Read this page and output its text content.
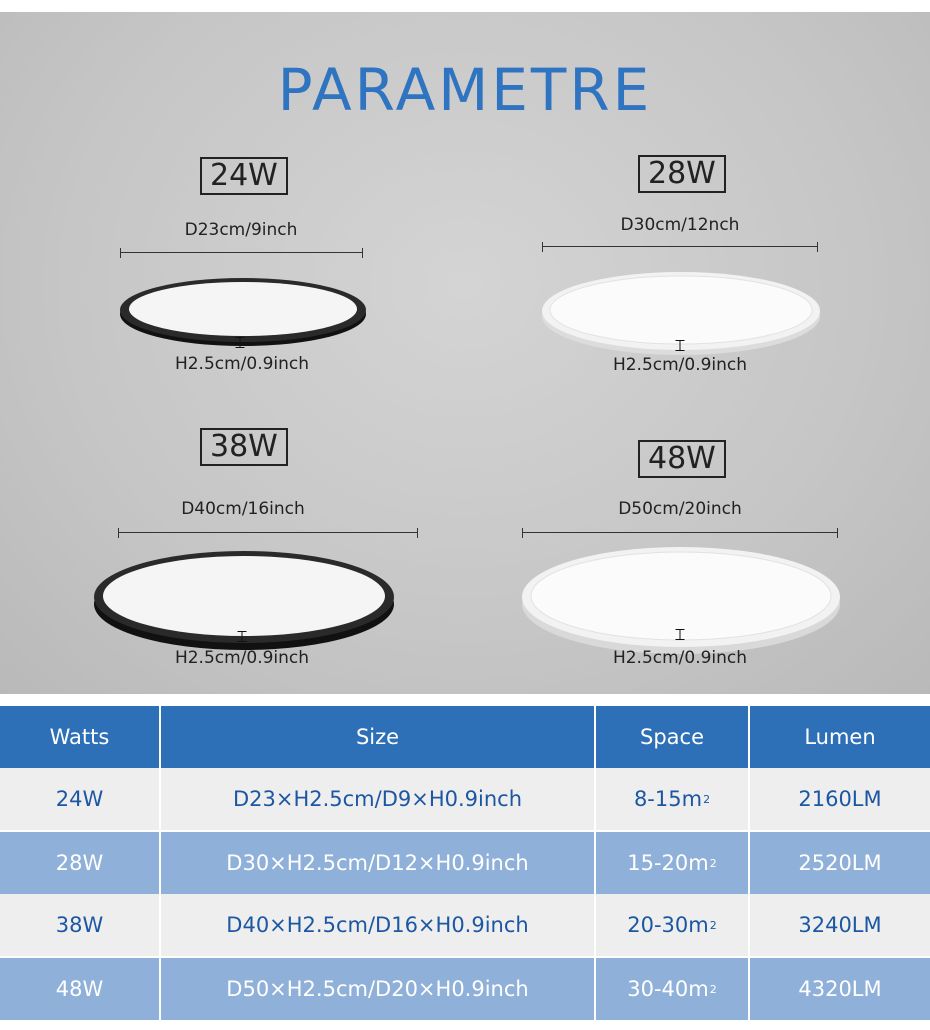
PARAMETRE
24W
D23cm/9inch
H2.5cm/0.9inch
28W
D30cm/12nch
H2.5cm/0.9inch
38W
D40cm/16inch
H2.5cm/0.9inch
48W
D50cm/20inch
H2.5cm/0.9inch
Watts	Size	Space	Lumen
24W	D23×H2.5cm/D9×H0.9inch	8-15m 2	2160LM
28W	D30×H2.5cm/D12×H0.9inch	15-20m 2	2520LM
38W	D40×H2.5cm/D16×H0.9inch	20-30m 2	3240LM
48W	D50×H2.5cm/D20×H0.9inch	30-40m 2	4320LM
